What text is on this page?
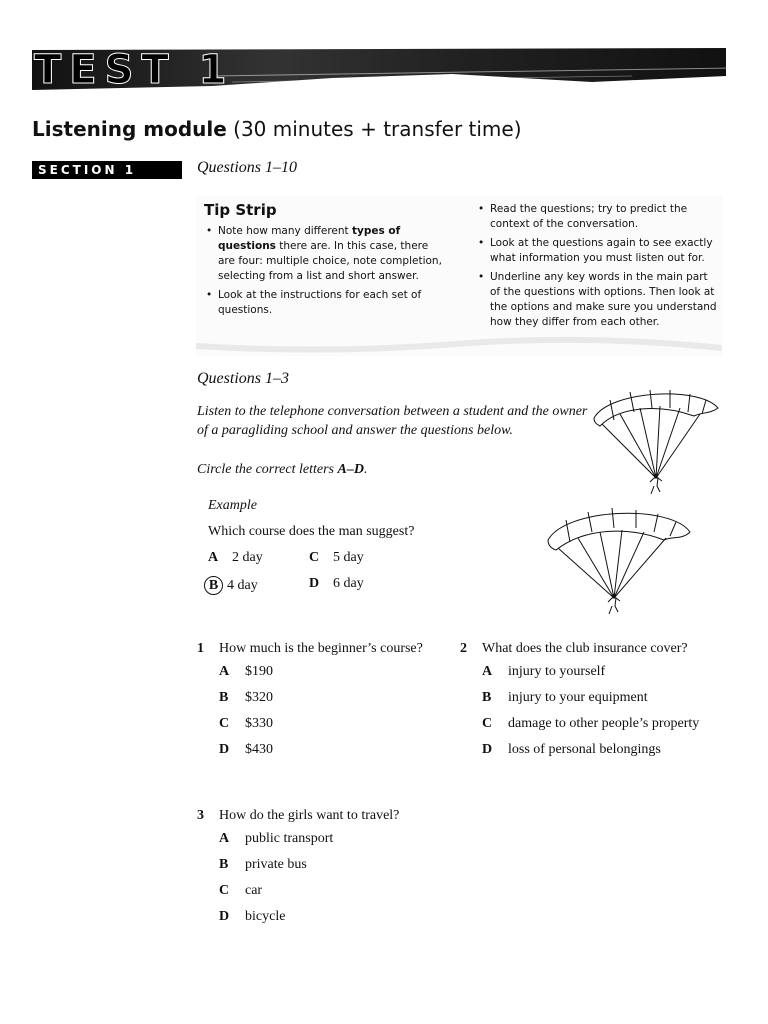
TEST 1
Listening module (30 minutes + transfer time)
SECTION 1	Questions 1–10
Tip Strip
• Note how many different types of questions there are. In this case, there are four: multiple choice, note completion, selecting from a list and short answer.
• Look at the instructions for each set of questions.
• Read the questions; try to predict the context of the conversation.
• Look at the questions again to see exactly what information you must listen out for.
• Underline any key words in the main part of the questions with options. Then look at the options and make sure you understand how they differ from each other.
Questions 1–3
Listen to the telephone conversation between a student and the owner of a paragliding school and answer the questions below.
Circle the correct letters A–D.
Example
Which course does the man suggest?
A 2 day
B 4 day
C 5 day
D 6 day
1 How much is the beginner’s course?
A $190
B $320
C $330
D $430
2 What does the club insurance cover?
A injury to yourself
B injury to your equipment
C damage to other people’s property
D loss of personal belongings
3 How do the girls want to travel?
A public transport
B private bus
C car
D bicycle
